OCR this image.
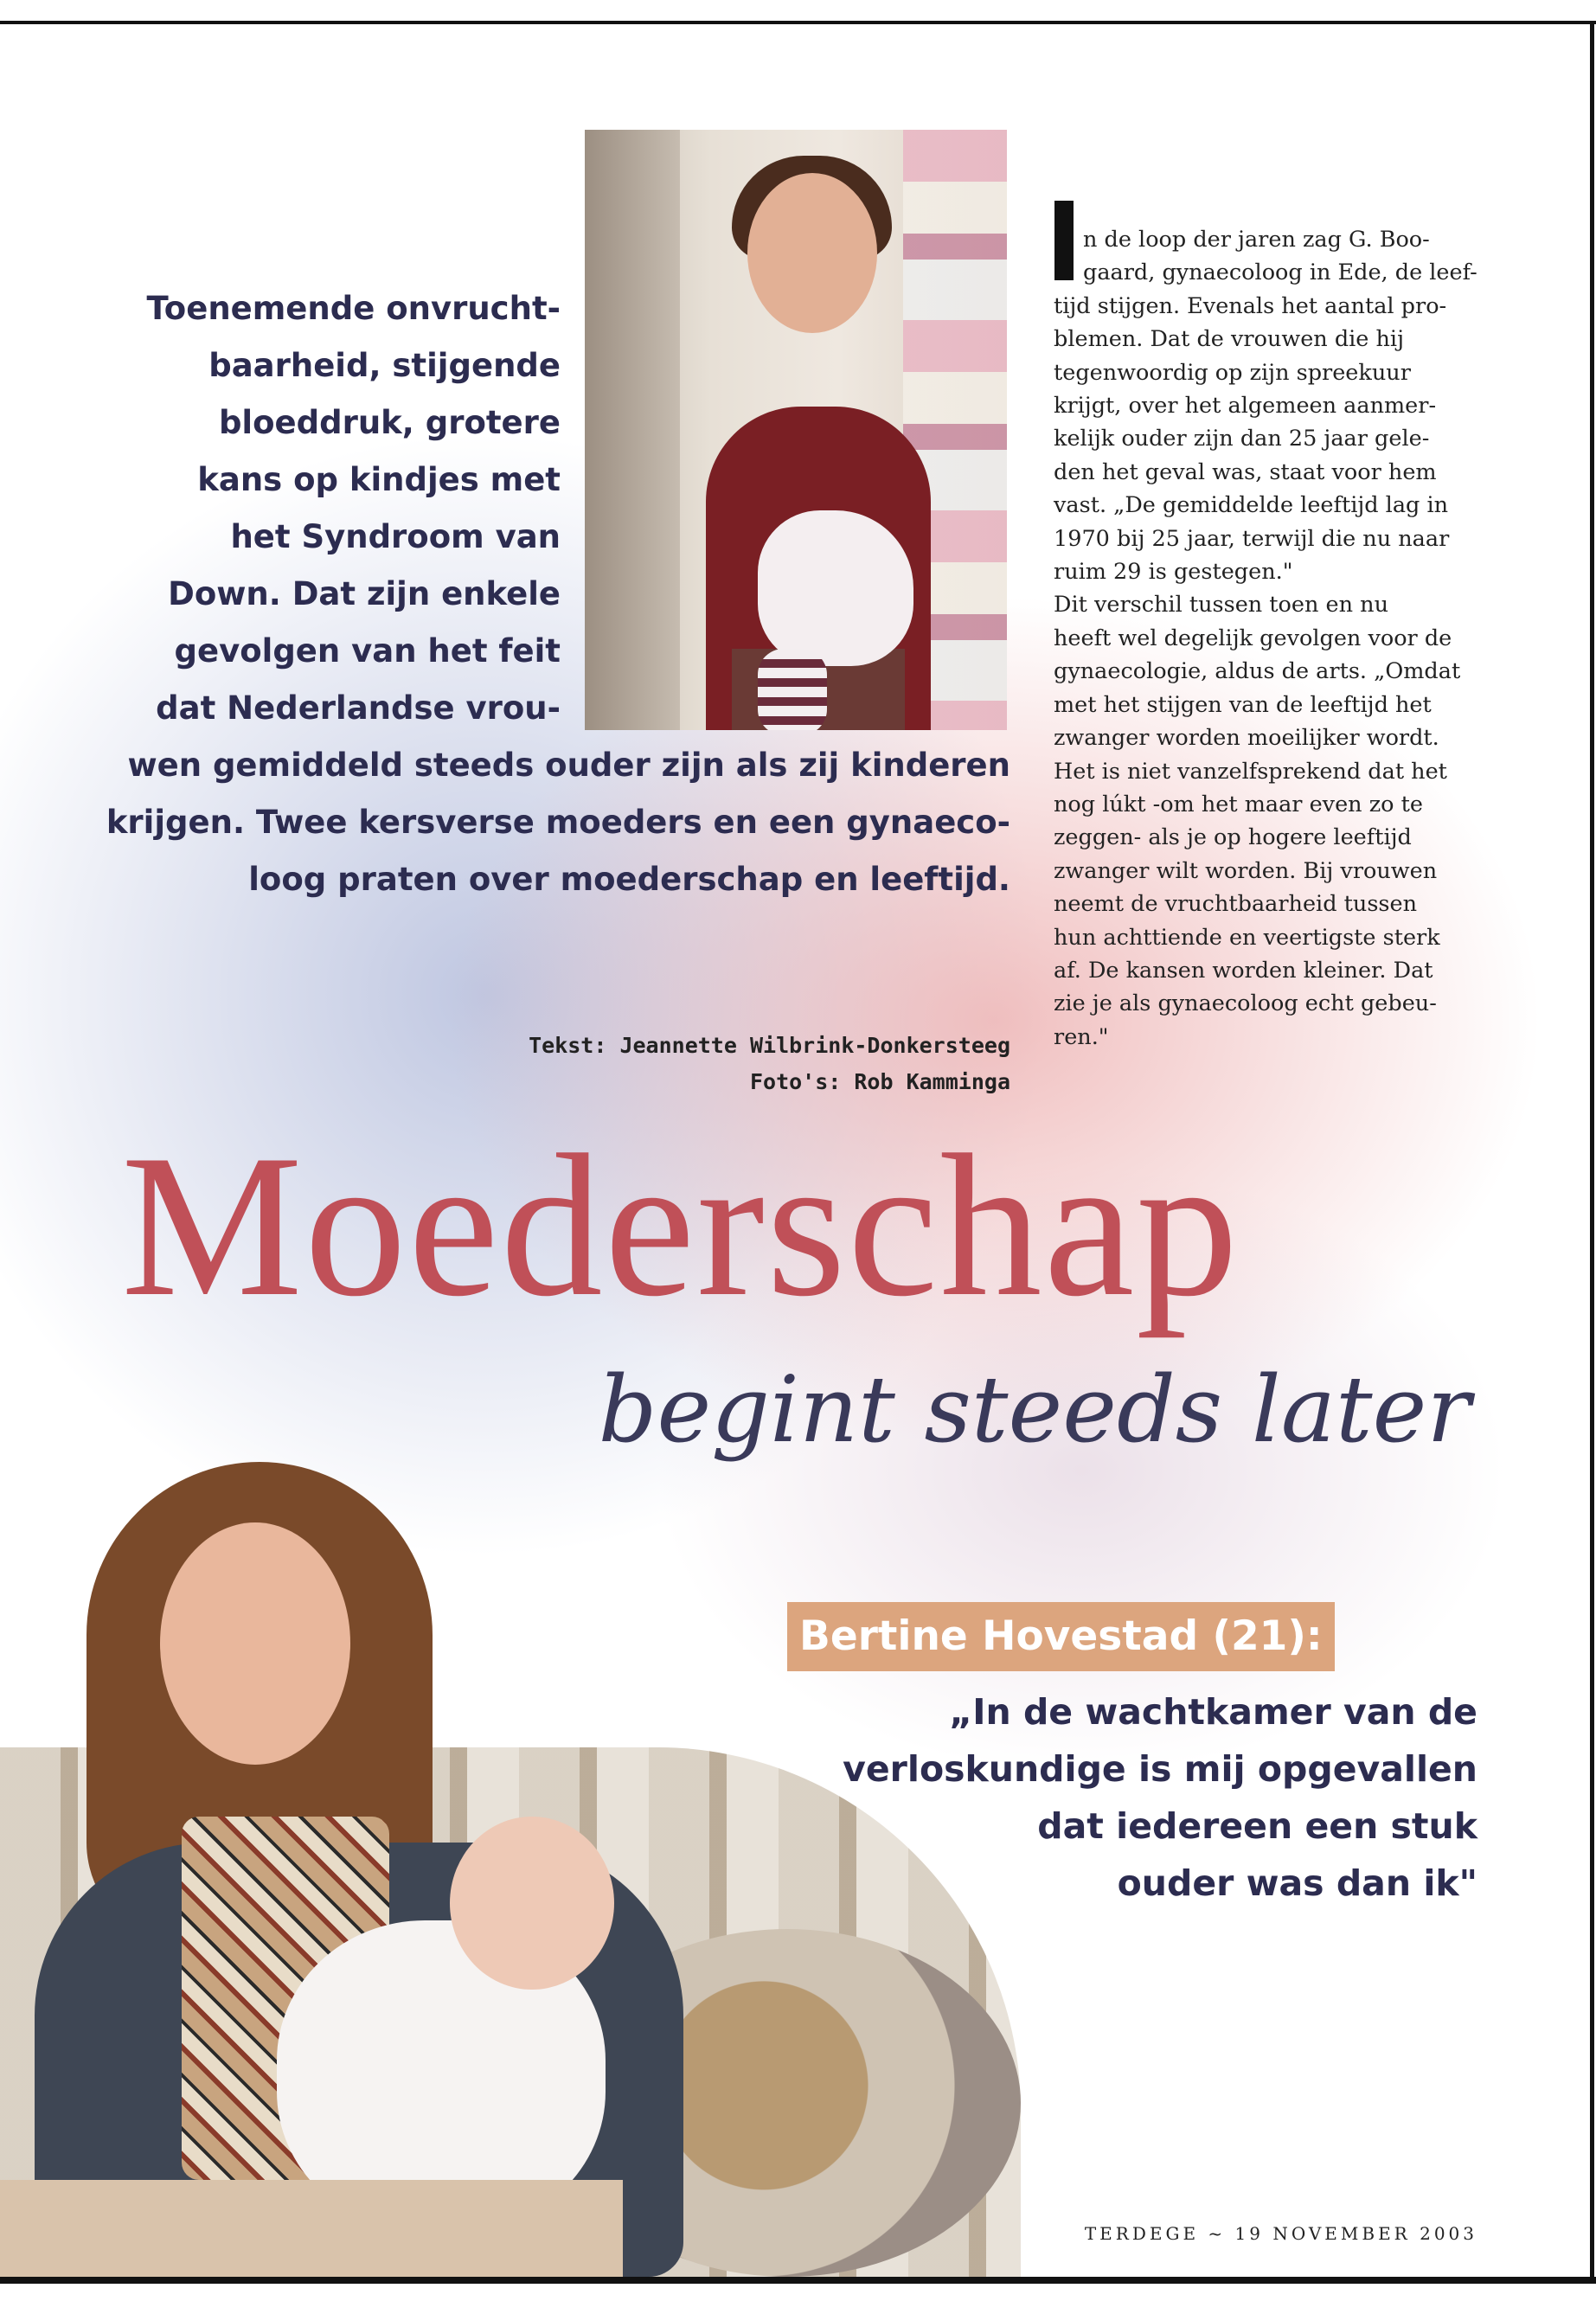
Toenemende onvrucht-
baarheid, stijgende
bloeddruk, grotere
kans op kindjes met
het Syndroom van
Down. Dat zijn enkele
gevolgen van het feit
dat Nederlandse vrou-
wen gemiddeld steeds ouder zijn als zij kinderen
krijgen. Twee kersverse moeders en een gynaeco-
loog praten over moederschap en leeftijd.
Tekst: Jeannette Wilbrink-Donkersteeg
Foto's: Rob Kamminga
n de loop der jaren zag G. Boo-
gaard, gynaecoloog in Ede, de leef-
tijd stijgen. Evenals het aantal pro-
blemen. Dat de vrouwen die hij
tegenwoordig op zijn spreekuur
krijgt, over het algemeen aanmer-
kelijk ouder zijn dan 25 jaar gele-
den het geval was, staat voor hem
vast. „De gemiddelde leeftijd lag in
1970 bij 25 jaar, terwijl die nu naar
ruim 29 is gestegen."
Dit verschil tussen toen en nu
heeft wel degelijk gevolgen voor de
gynaecologie, aldus de arts. „Omdat
met het stijgen van de leeftijd het
zwanger worden moeilijker wordt.
Het is niet vanzelfsprekend dat het
nog lúkt -om het maar even zo te
zeggen- als je op hogere leeftijd
zwanger wilt worden. Bij vrouwen
neemt de vruchtbaarheid tussen
hun achttiende en veertigste sterk
af. De kansen worden kleiner. Dat
zie je als gynaecoloog echt gebeu-
ren."
Moederschap
begint steeds later
Bertine Hovestad (21):
„In de wachtkamer van de
verloskundige is mij opgevallen
dat iedereen een stuk
ouder was dan ik"
TERDEGE ~ 19 NOVEMBER 2003
